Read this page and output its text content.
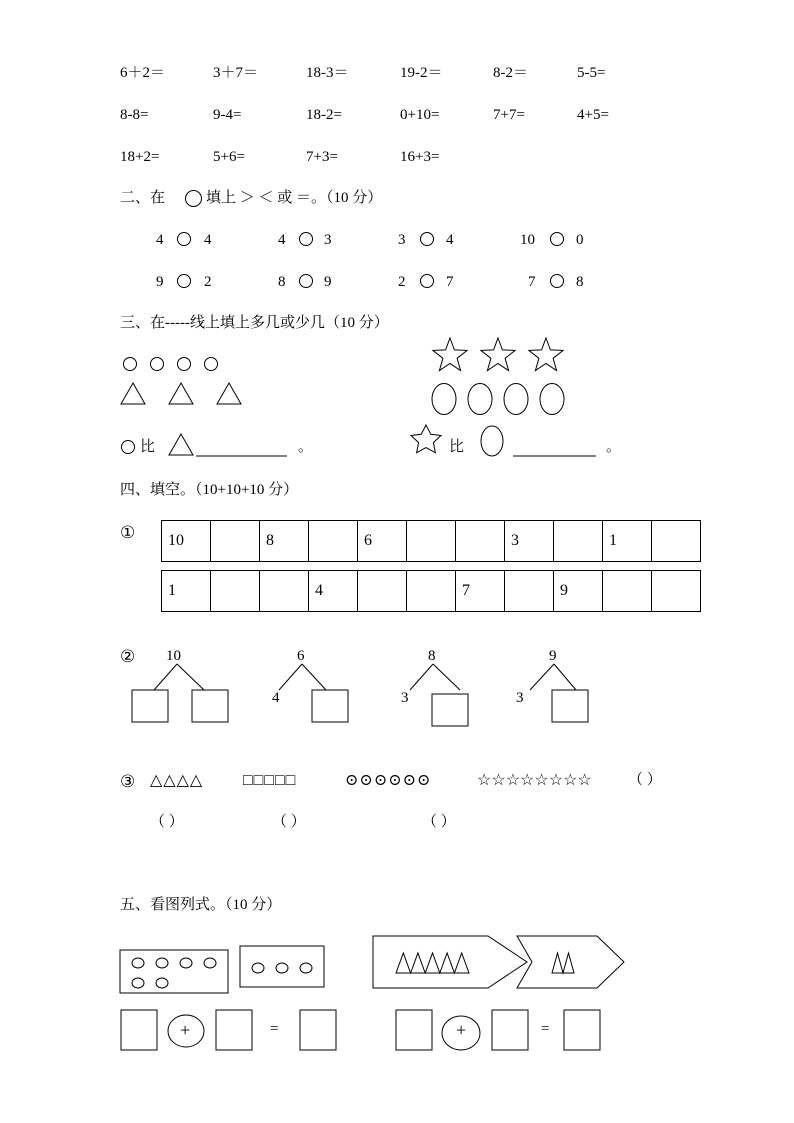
6＋2＝	3＋7＝	18-3＝	19-2＝	8-2＝	5-5=
8-8=	9-4=	18-2=	0+10=	7+7=	4+5=
18+2=	5+6=	7+3=	16+3=
二、在	填上 ＞ ＜ 或 ＝。（10 分）
4	4	4	3	3	4	10	0
9	2	8	9	2	7	7	8
三、在-----线上填上多几或少几（10 分）
四、填空。（10+10+10 分）
① 10		8		6			3		1	
1			4			7		9		
② 10	6
4
8
3
9
3
③ △△△△ □□□□□	⊙⊙⊙⊙⊙⊙	☆☆☆☆☆☆☆☆ （ ）
（ ）	（ ）	（ ）
五、看图列式。（10 分）
比	。	比	。
=	=
+	+
